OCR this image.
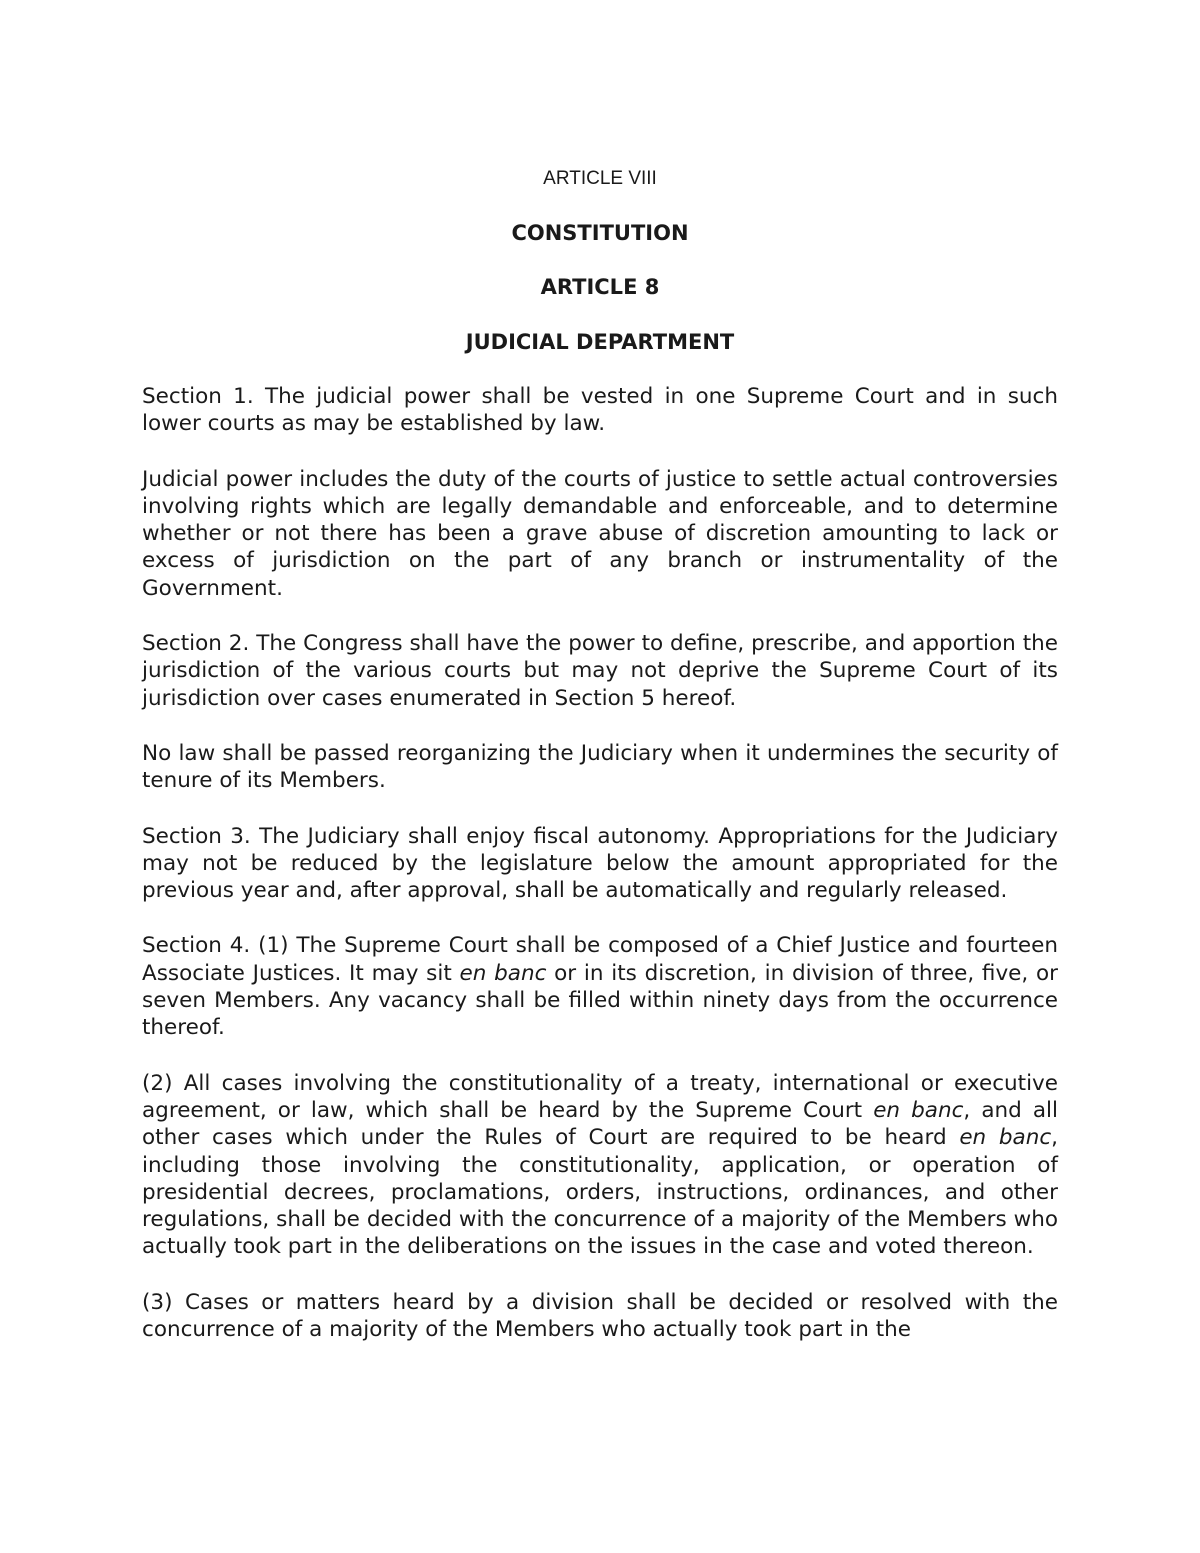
ARTICLE VIII

CONSTITUTION

ARTICLE 8

JUDICIAL DEPARTMENT

Section 1. The judicial power shall be vested in one Supreme Court and in such lower courts as may be established by law.

Judicial power includes the duty of the courts of justice to settle actual controversies involving rights which are legally demandable and enforceable, and to determine whether or not there has been a grave abuse of discretion amounting to lack or excess of jurisdiction on the part of any branch or instrumentality of the Government.

Section 2. The Congress shall have the power to define, prescribe, and apportion the jurisdiction of the various courts but may not deprive the Supreme Court of its jurisdiction over cases enumerated in Section 5 hereof.

No law shall be passed reorganizing the Judiciary when it undermines the security of tenure of its Members.

Section 3. The Judiciary shall enjoy fiscal autonomy. Appropriations for the Judiciary may not be reduced by the legislature below the amount appropriated for the previous year and, after approval, shall be automatically and regularly released.

Section 4. (1) The Supreme Court shall be composed of a Chief Justice and fourteen Associate Justices. It may sit en banc or in its discretion, in division of three, five, or seven Members. Any vacancy shall be filled within ninety days from the occurrence thereof.

(2) All cases involving the constitutionality of a treaty, international or executive agreement, or law, which shall be heard by the Supreme Court en banc, and all other cases which under the Rules of Court are required to be heard en banc, including those involving the constitutionality, application, or operation of presidential decrees, proclamations, orders, instructions, ordinances, and other regulations, shall be decided with the concurrence of a majority of the Members who actually took part in the deliberations on the issues in the case and voted thereon.

(3) Cases or matters heard by a division shall be decided or resolved with the concurrence of a majority of the Members who actually took part in the
